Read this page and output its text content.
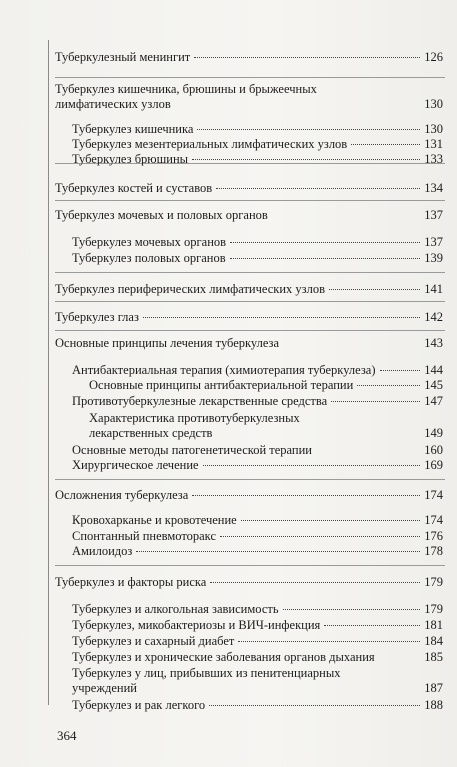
Туберкулезный менингит	126
Туберкулез кишечника, брюшины и брыжеечных
лимфатических узлов	130
Туберкулез кишечника	130
Туберкулез мезентериальных лимфатических узлов	131
Туберкулез брюшины	133
Туберкулез костей и суставов	134
Туберкулез мочевых и половых органов	137
Туберкулез мочевых органов	137
Туберкулез половых органов	139
Туберкулез периферических лимфатических узлов	141
Туберкулез глаз	142
Основные принципы лечения туберкулеза	143
Антибактериальная терапия (химиотерапия туберкулеза)	144
Основные принципы антибактериальной терапии	145
Противотуберкулезные лекарственные средства	147
Характеристика противотуберкулезных
лекарственных средств	149
Основные методы патогенетической терапии	160
Хирургическое лечение	169
Осложнения туберкулеза	174
Кровохарканье и кровотечение	174
Спонтанный пневмоторакс	176
Амилоидоз	178
Туберкулез и факторы риска	179
Туберкулез и алкогольная зависимость	179
Туберкулез, микобактериозы и ВИЧ-инфекция	181
Туберкулез и сахарный диабет	184
Туберкулез и хронические заболевания органов дыхания	185
Туберкулез у лиц, прибывших из пенитенциарных
учреждений	187
Туберкулез и рак легкого	188
364
